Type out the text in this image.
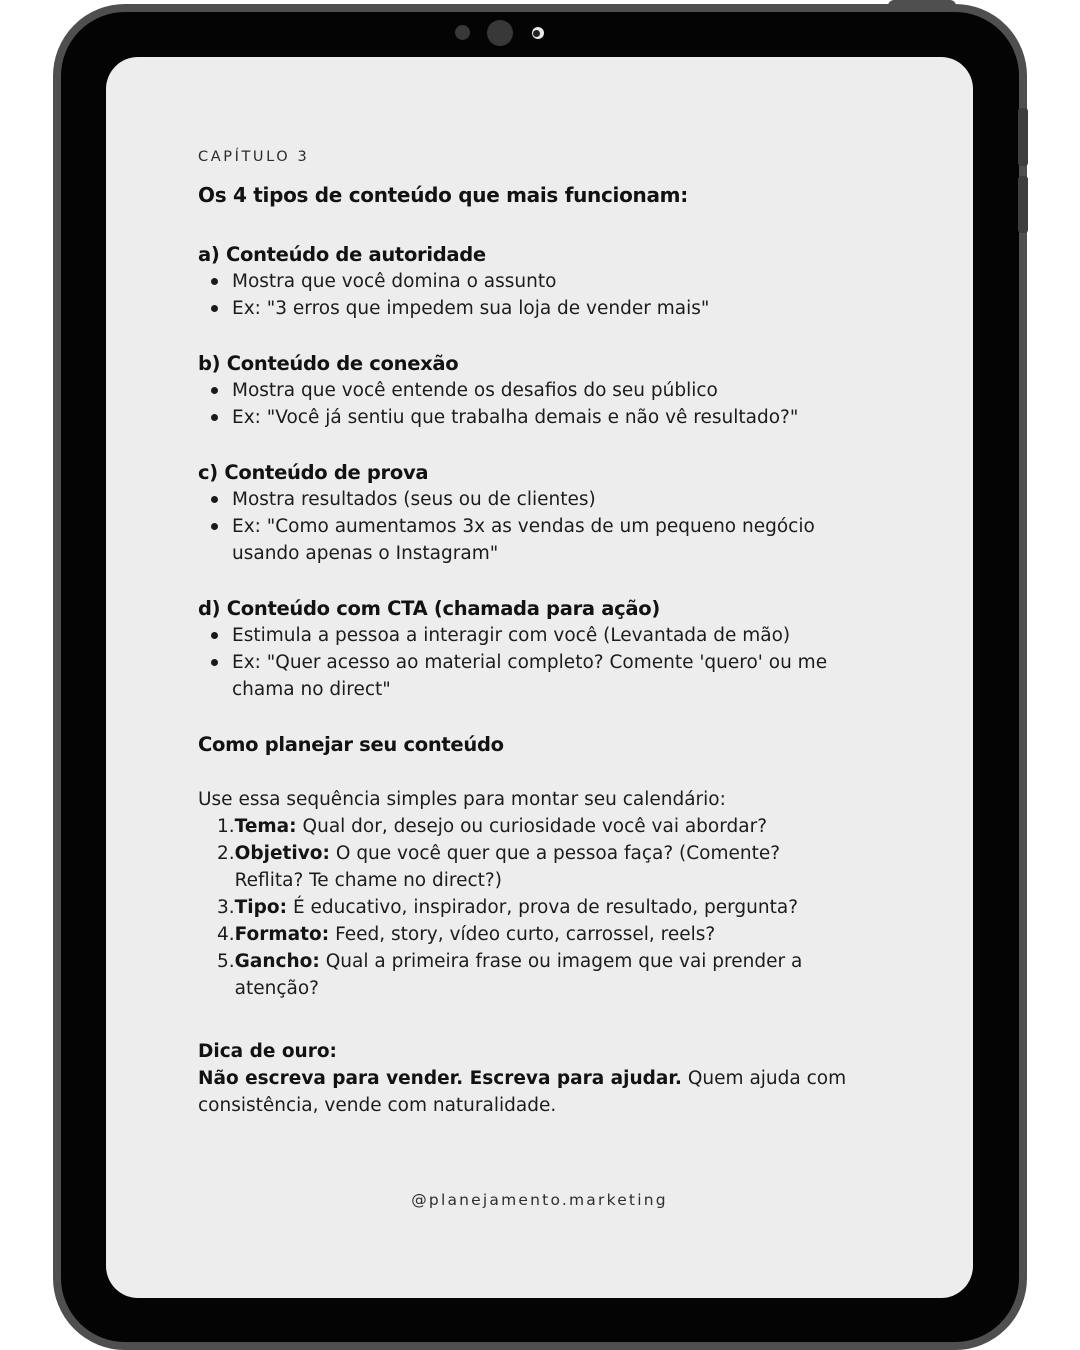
CAPÍTULO 3
Os 4 tipos de conteúdo que mais funcionam:
a) Conteúdo de autoridade
Mostra que você domina o assunto
Ex: "3 erros que impedem sua loja de vender mais"
b) Conteúdo de conexão
Mostra que você entende os desafios do seu público
Ex: "Você já sentiu que trabalha demais e não vê resultado?"
c) Conteúdo de prova
Mostra resultados (seus ou de clientes)
Ex: "Como aumentamos 3x as vendas de um pequeno negócio
usando apenas o Instagram"
d) Conteúdo com CTA (chamada para ação)
Estimula a pessoa a interagir com você (Levantada de mão)
Ex: "Quer acesso ao material completo? Comente 'quero' ou me
chama no direct"
Como planejar seu conteúdo
Use essa sequência simples para montar seu calendário:
1. Tema: Qual dor, desejo ou curiosidade você vai abordar?
2. Objetivo: O que você quer que a pessoa faça? (Comente?
Reflita? Te chame no direct?)
3. Tipo: É educativo, inspirador, prova de resultado, pergunta?
4. Formato: Feed, story, vídeo curto, carrossel, reels?
5. Gancho: Qual a primeira frase ou imagem que vai prender a
atenção?
Dica de ouro:
Não escreva para vender. Escreva para ajudar. Quem ajuda com
consistência, vende com naturalidade.
@planejamento.marketing
